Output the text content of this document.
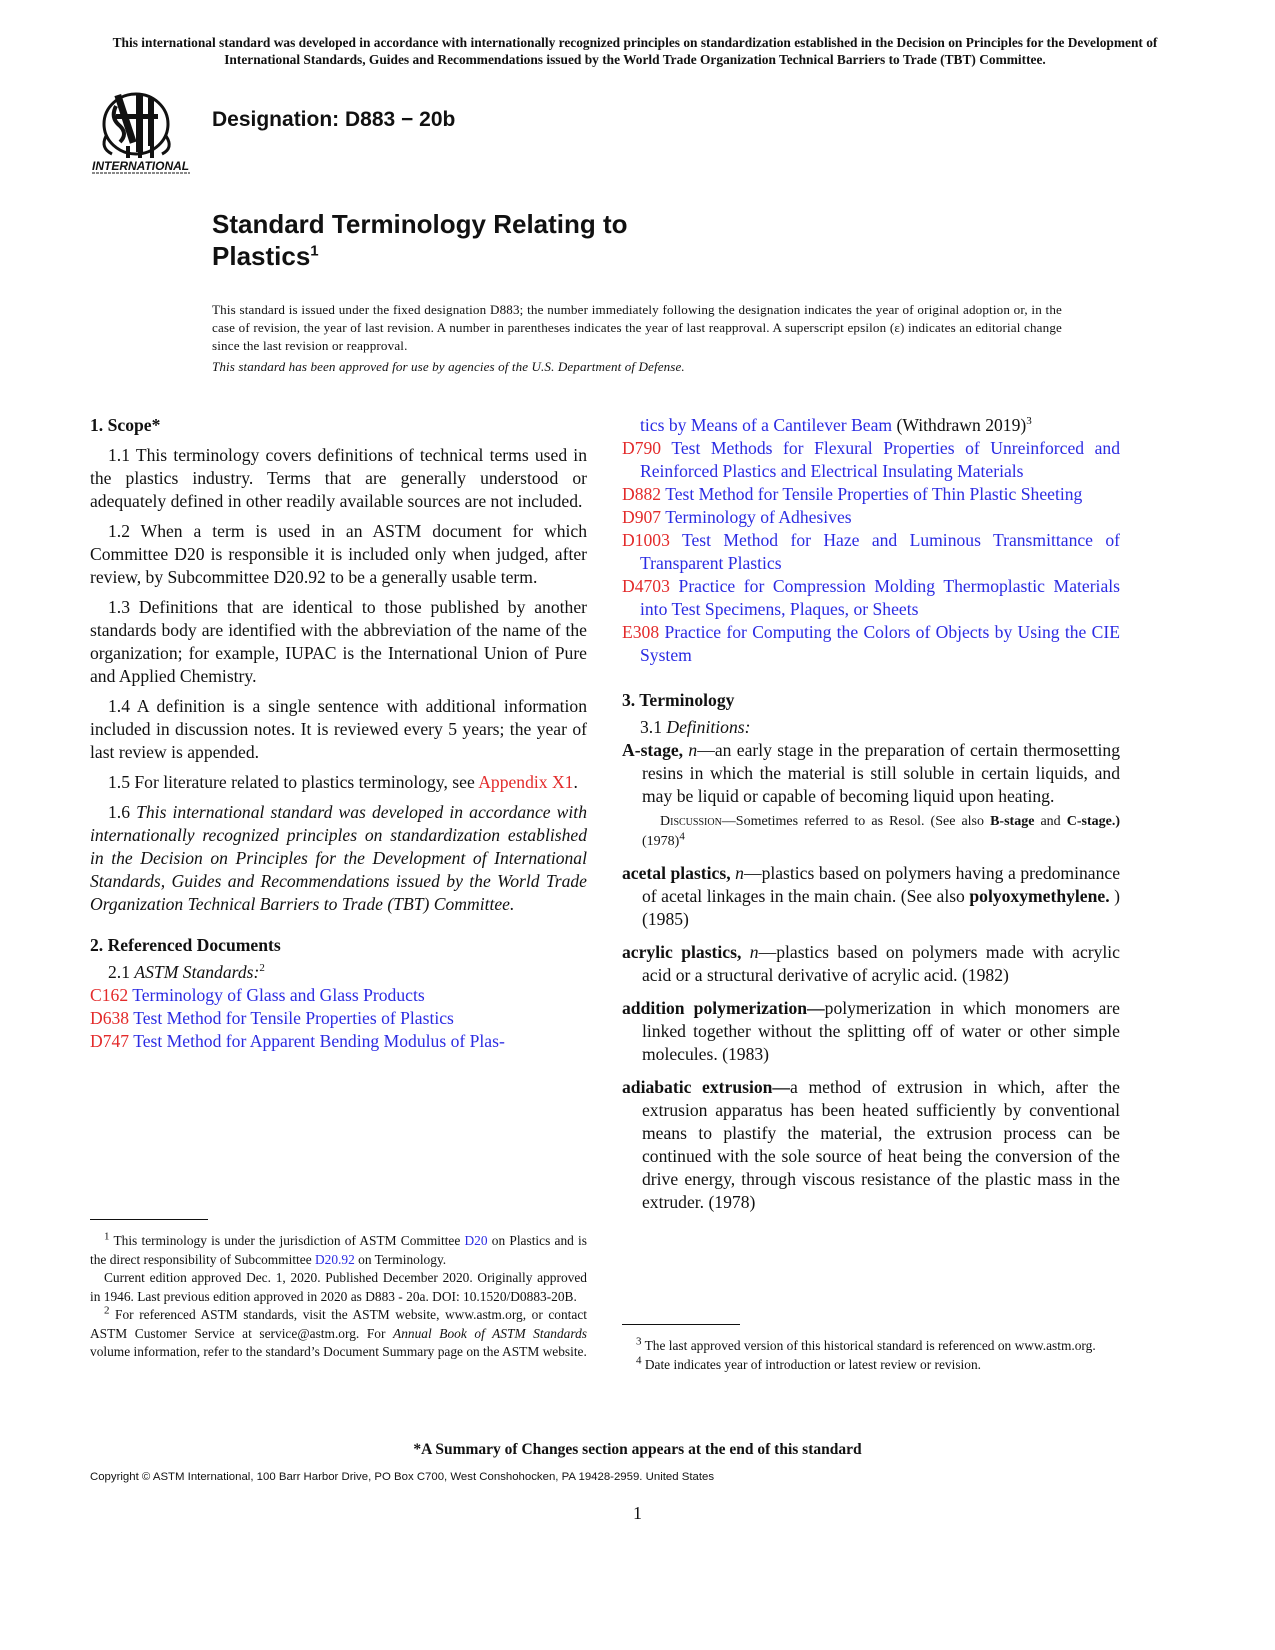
This international standard was developed in accordance with internationally recognized principles on standardization established in the Decision on Principles for the Development of International Standards, Guides and Recommendations issued by the World Trade Organization Technical Barriers to Trade (TBT) Committee.
INTERNATIONAL
Designation: D883 − 20b
Standard Terminology Relating to
Plastics$^1$
This standard is issued under the fixed designation D883; the number immediately following the designation indicates the year of original adoption or, in the case of revision, the year of last revision. A number in parentheses indicates the year of last reapproval. A superscript epsilon (ε) indicates an editorial change since the last revision or reapproval.
This standard has been approved for use by agencies of the U.S. Department of Defense.

1. Scope*

1.1 This terminology covers definitions of technical terms used in the plastics industry. Terms that are generally understood or adequately defined in other readily available sources are not included.

1.2 When a term is used in an ASTM document for which Committee D20 is responsible it is included only when judged, after review, by Subcommittee D20.92 to be a generally usable term.

1.3 Definitions that are identical to those published by another standards body are identified with the abbreviation of the name of the organization; for example, IUPAC is the International Union of Pure and Applied Chemistry.

1.4 A definition is a single sentence with additional information included in discussion notes. It is reviewed every 5 years; the year of last review is appended.

1.5 For literature related to plastics terminology, see Appendix X1.

1.6 This international standard was developed in accordance with internationally recognized principles on standardization established in the Decision on Principles for the Development of International Standards, Guides and Recommendations issued by the World Trade Organization Technical Barriers to Trade (TBT) Committee.

2. Referenced Documents

2.1 ASTM Standards:$^2$

C162 Terminology of Glass and Glass Products

D638 Test Method for Tensile Properties of Plastics

D747 Test Method for Apparent Bending Modulus of Plas-

$^1$ This terminology is under the jurisdiction of ASTM Committee D20 on Plastics and is the direct responsibility of Subcommittee D20.92 on Terminology.

Current edition approved Dec. 1, 2020. Published December 2020. Originally approved in 1946. Last previous edition approved in 2020 as D883 - 20a. DOI: 10.1520/D0883-20B.

$^2$ For referenced ASTM standards, visit the ASTM website, www.astm.org, or contact ASTM Customer Service at service@astm.org. For Annual Book of ASTM Standards volume information, refer to the standard’s Document Summary page on the ASTM website.

tics by Means of a Cantilever Beam (Withdrawn 2019)$^3$

D790 Test Methods for Flexural Properties of Unreinforced and Reinforced Plastics and Electrical Insulating Materials

D882 Test Method for Tensile Properties of Thin Plastic Sheeting

D907 Terminology of Adhesives

D1003 Test Method for Haze and Luminous Transmittance of Transparent Plastics

D4703 Practice for Compression Molding Thermoplastic Materials into Test Specimens, Plaques, or Sheets

E308 Practice for Computing the Colors of Objects by Using the CIE System

3. Terminology

3.1 Definitions:

A-stage, n—an early stage in the preparation of certain thermosetting resins in which the material is still soluble in certain liquids, and may be liquid or capable of becoming liquid upon heating.

Discussion—Sometimes referred to as Resol. (See also B-stage and C-stage.) $(1978)^4$

acetal plastics, n—plastics based on polymers having a predominance of acetal linkages in the main chain. (See also polyoxymethylene. ) (1985)

acrylic plastics, n—plastics based on polymers made with acrylic acid or a structural derivative of acrylic acid. (1982)

addition polymerization—polymerization in which monomers are linked together without the splitting off of water or other simple molecules. (1983)

adiabatic extrusion—a method of extrusion in which, after the extrusion apparatus has been heated sufficiently by conventional means to plastify the material, the extrusion process can be continued with the sole source of heat being the conversion of the drive energy, through viscous resistance of the plastic mass in the extruder. (1978)

$^3$ The last approved version of this historical standard is referenced on www.astm.org.

$^4$ Date indicates year of introduction or latest review or revision.

*A Summary of Changes section appears at the end of this standard
Copyright © ASTM International, 100 Barr Harbor Drive, PO Box C700, West Conshohocken, PA 19428-2959. United States
1
